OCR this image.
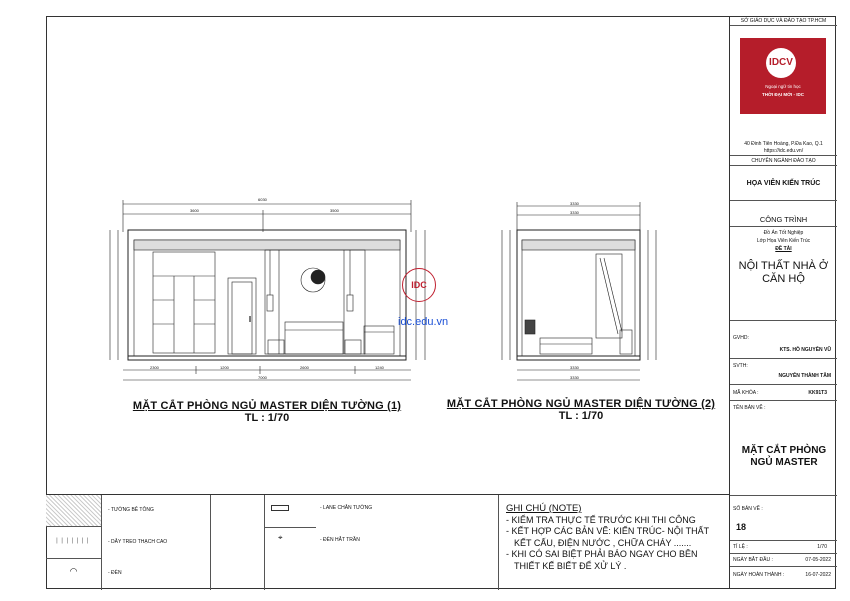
6030
3600	3500
2300	1200	2600	1240
7000
3330
3330
3330
3330
IDC
idc.edu.vn
MẶT CẮT PHÒNG NGỦ MASTER DIỆN TƯỜNG (1)
TL : 1/70
MẶT CẮT PHÒNG NGỦ MASTER DIỆN TƯỜNG (2)
TL : 1/70
- TƯỜNG BÊ TÔNG
│││││││	- DÂY TREO THẠCH CAO
◠	- ĐÈN
- LANE CHÂN TƯỜNG
⌖	- ĐÈN HẮT TRẦN
GHI CHÚ (NOTE)
- KIỂM TRA THỰC TẾ TRƯỚC KHI THI CÔNG
- KẾT HỢP CÁC BẢN VẼ: KIẾN TRÚC- NỘI THẤT
KẾT CẤU, ĐIỆN NƯỚC , CHỮA CHÁY .......
- KHI CÓ SAI BIỆT PHẢI BÁO NGAY CHO BÊN
THIẾT KẾ BIẾT ĐỂ XỬ LÝ .
SỞ GIÁO DỤC VÀ ĐÀO TẠO TP.HCM
IDCV
Ngoại ngữ tin học
THỜI ĐẠI MỚI - IDC
40 Đinh Tiên Hoàng, P.Đa Kao, Q.1
https://idc.edu.vn/
CHUYÊN NGÀNH ĐÀO TẠO
HỌA VIÊN KIẾN TRÚC
CÔNG TRÌNH
Đồ Án Tốt Nghiệp
Lớp Họa Viên Kiến Trúc
ĐỀ TÀI
NỘI THẤT NHÀ Ở CĂN HỘ
GVHD:
KTS. HỒ NGUYÊN VŨ
SVTH:
NGUYỄN THÀNH TÂM
MÃ KHÓA :	KK91T3
TÊN BẢN VẼ :
MẶT CẮT PHÒNG NGỦ MASTER
SỐ BẢN VẼ :
18
TỈ LỆ :	1/70
NGÀY BẮT ĐẦU :	07-05-2022
NGÀY HOÀN THÀNH :	16-07-2022
